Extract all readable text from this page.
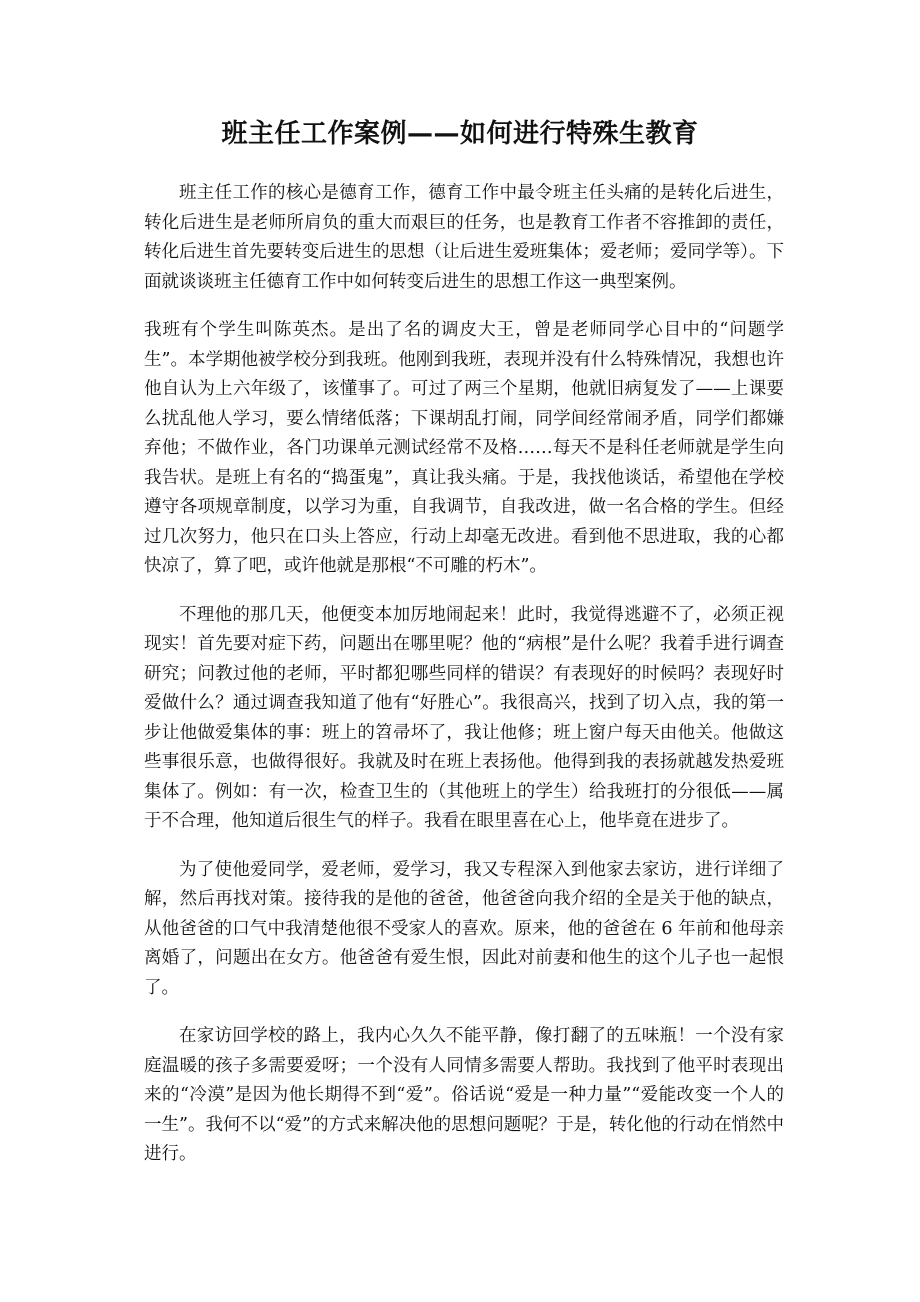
班主任工作案例——如何进行特殊生教育

班主任工作的核心是德育工作，德育工作中最令班主任头痛的是转化后进生，转化后进生是老师所肩负的重大而艰巨的任务，也是教育工作者不容推卸的责任，转化后进生首先要转变后进生的思想（让后进生爱班集体；爱老师；爱同学等）。下面就谈谈班主任德育工作中如何转变后进生的思想工作这一典型案例。

我班有个学生叫陈英杰。是出了名的调皮大王，曾是老师同学心目中的“问题学生”。本学期他被学校分到我班。他刚到我班，表现并没有什么特殊情况，我想也许他自认为上六年级了，该懂事了。可过了两三个星期，他就旧病复发了——上课要么扰乱他人学习，要么情绪低落；下课胡乱打闹，同学间经常闹矛盾，同学们都嫌弃他；不做作业，各门功课单元测试经常不及格……每天不是科任老师就是学生向我告状。是班上有名的“捣蛋鬼”，真让我头痛。于是，我找他谈话，希望他在学校遵守各项规章制度，以学习为重，自我调节，自我改进，做一名合格的学生。但经过几次努力，他只在口头上答应，行动上却毫无改进。看到他不思进取，我的心都快凉了，算了吧，或许他就是那根“不可雕的朽木”。

不理他的那几天，他便变本加厉地闹起来！此时，我觉得逃避不了，必须正视现实！首先要对症下药，问题出在哪里呢？他的“病根”是什么呢？我着手进行调查研究；问教过他的老师，平时都犯哪些同样的错误？有表现好的时候吗？表现好时爱做什么？通过调查我知道了他有“好胜心”。我很高兴，找到了切入点，我的第一步让他做爱集体的事：班上的笤帚坏了，我让他修；班上窗户每天由他关。他做这些事很乐意，也做得很好。我就及时在班上表扬他。他得到我的表扬就越发热爱班集体了。例如：有一次，检查卫生的（其他班上的学生）给我班打的分很低——属于不合理，他知道后很生气的样子。我看在眼里喜在心上，他毕竟在进步了。

为了使他爱同学，爱老师，爱学习，我又专程深入到他家去家访，进行详细了解，然后再找对策。接待我的是他的爸爸，他爸爸向我介绍的全是关于他的缺点，从他爸爸的口气中我清楚他很不受家人的喜欢。原来，他的爸爸在 6 年前和他母亲离婚了，问题出在女方。他爸爸有爱生恨，因此对前妻和他生的这个儿子也一起恨了。

在家访回学校的路上，我内心久久不能平静，像打翻了的五味瓶！一个没有家庭温暖的孩子多需要爱呀；一个没有人同情多需要人帮助。我找到了他平时表现出来的“冷漠”是因为他长期得不到“爱”。俗话说“爱是一种力量”“爱能改变一个人的一生”。我何不以“爱”的方式来解决他的思想问题呢？于是，转化他的行动在悄然中进行。
